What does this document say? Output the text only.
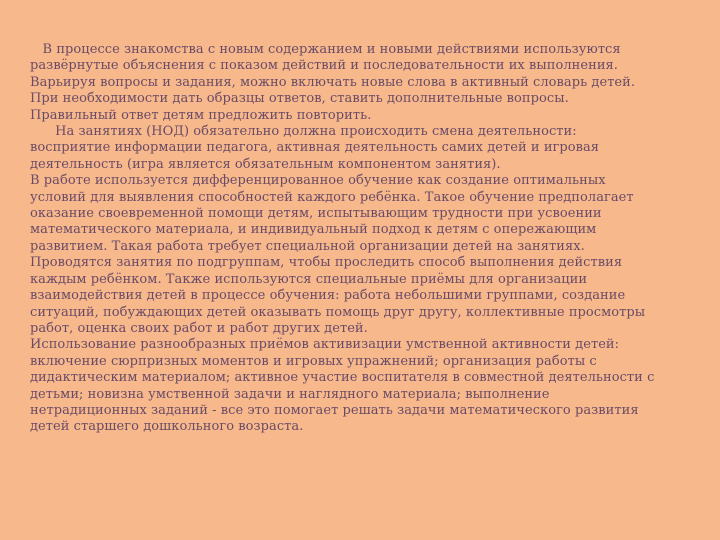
В процессе знакомства с новым содержанием и новыми действиями используются
развёрнутые объяснения с показом действий и последовательности их выполнения.
Варьируя вопросы и задания, можно включать новые слова в активный словарь детей.
При необходимости дать образцы ответов, ставить дополнительные вопросы.
Правильный ответ детям предложить повторить.
На занятиях (НОД) обязательно должна происходить смена деятельности:
восприятие информации педагога, активная деятельность самих детей и игровая
деятельность (игра является обязательным компонентом занятия).
В работе используется дифференцированное обучение как создание оптимальных
условий для выявления способностей каждого ребёнка. Такое обучение предполагает
оказание своевременной помощи детям, испытывающим трудности при усвоении
математического материала, и индивидуальный подход к детям с опережающим
развитием. Такая работа требует специальной организации детей на занятиях.
Проводятся занятия по подгруппам, чтобы проследить способ выполнения действия
каждым ребёнком. Также используются специальные приёмы для организации
взаимодействия детей в процессе обучения: работа небольшими группами, создание
ситуаций, побуждающих детей оказывать помощь друг другу, коллективные просмотры
работ, оценка своих работ и работ других детей.
Использование разнообразных приёмов активизации умственной активности детей:
включение сюрпризных моментов и игровых упражнений; организация работы с
дидактическим материалом; активное участие воспитателя в совместной деятельности с
детьми; новизна умственной задачи и наглядного материала; выполнение
нетрадиционных заданий - все это помогает решать задачи математического развития
детей старшего дошкольного возраста.
